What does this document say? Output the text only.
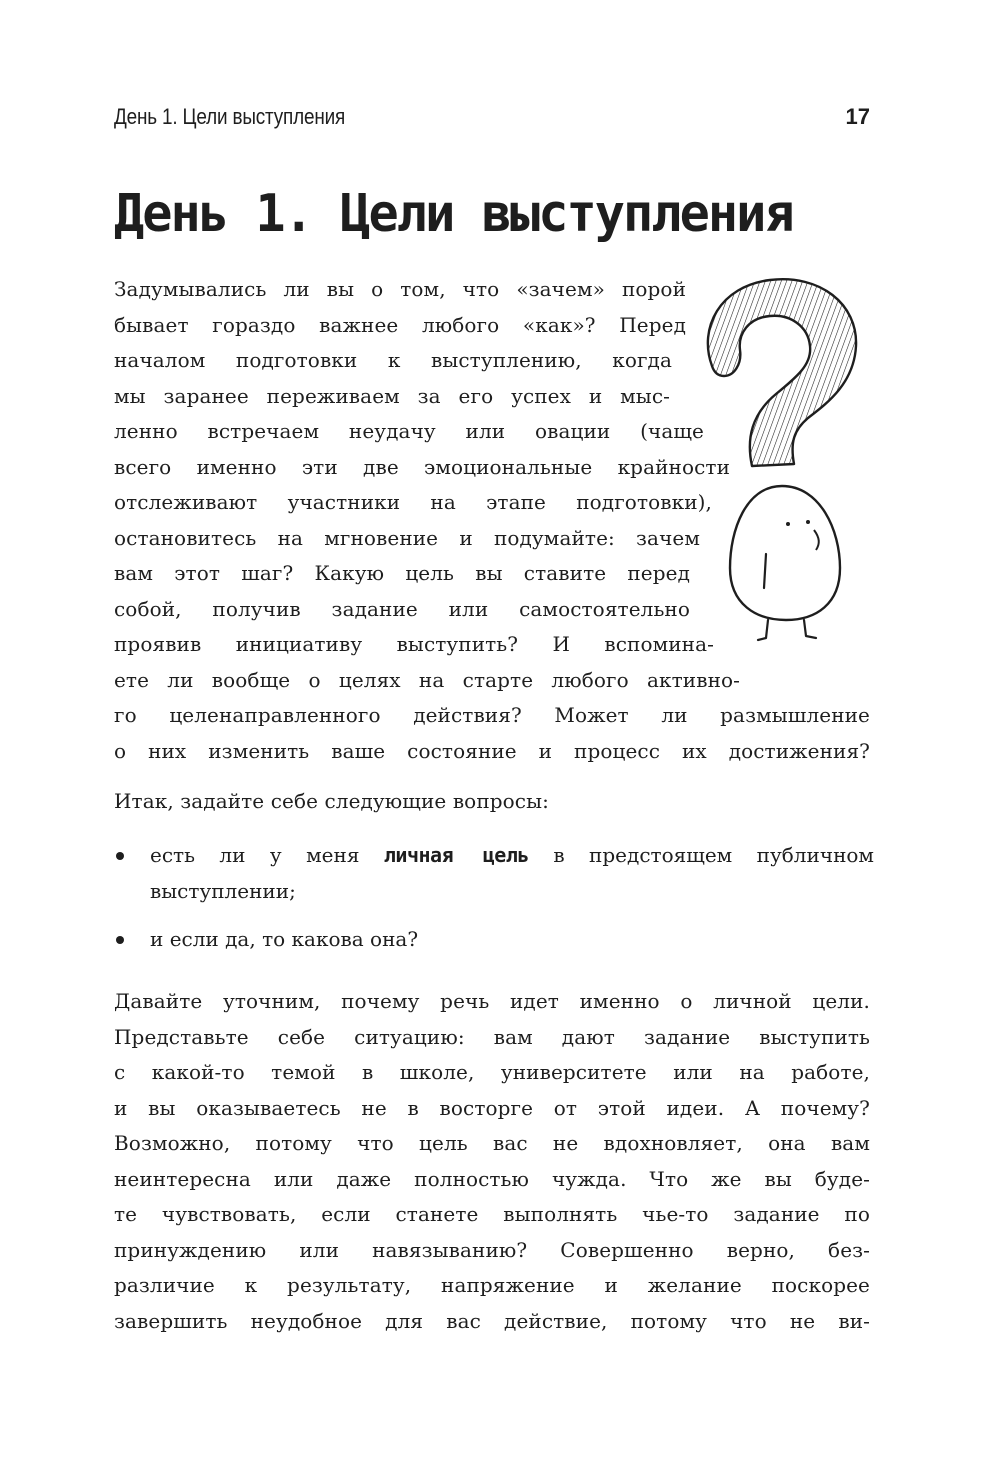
День 1. Цели выступления	17
День 1. Цели выступления
Задумывались ли вы о том, что «зачем» порой
бывает гораздо важнее любого «как»? Перед
началом подготовки к выступлению, когда
мы заранее переживаем за его успех и мыс-
ленно встречаем неудачу или овации (чаще
всего именно эти две эмоциональные крайности
отслеживают участники на этапе подготовки),
остановитесь на мгновение и подумайте: зачем
вам этот шаг? Какую цель вы ставите перед
собой, получив задание или самостоятельно
проявив инициативу выступить? И вспомина-
ете ли вообще о целях на старте любого активно-
го целенаправленного действия? Может ли размышление
о них изменить ваше состояние и процесс их достижения?

Итак, задайте себе следующие вопросы:

есть ли у меня личная цель в предстоящем публичном
выступлении;
и если да, то какова она?
Давайте уточним, почему речь идет именно о личной цели.
Представьте себе ситуацию: вам дают задание выступить
с какой-то темой в школе, университете или на работе,
и вы оказываетесь не в восторге от этой идеи. А почему?
Возможно, потому что цель вас не вдохновляет, она вам
неинтересна или даже полностью чужда. Что же вы буде-
те чувствовать, если станете выполнять чье-то задание по
принуждению или навязыванию? Совершенно верно, без-
различие к результату, напряжение и желание поскорее
завершить неудобное для вас действие, потому что не ви-
